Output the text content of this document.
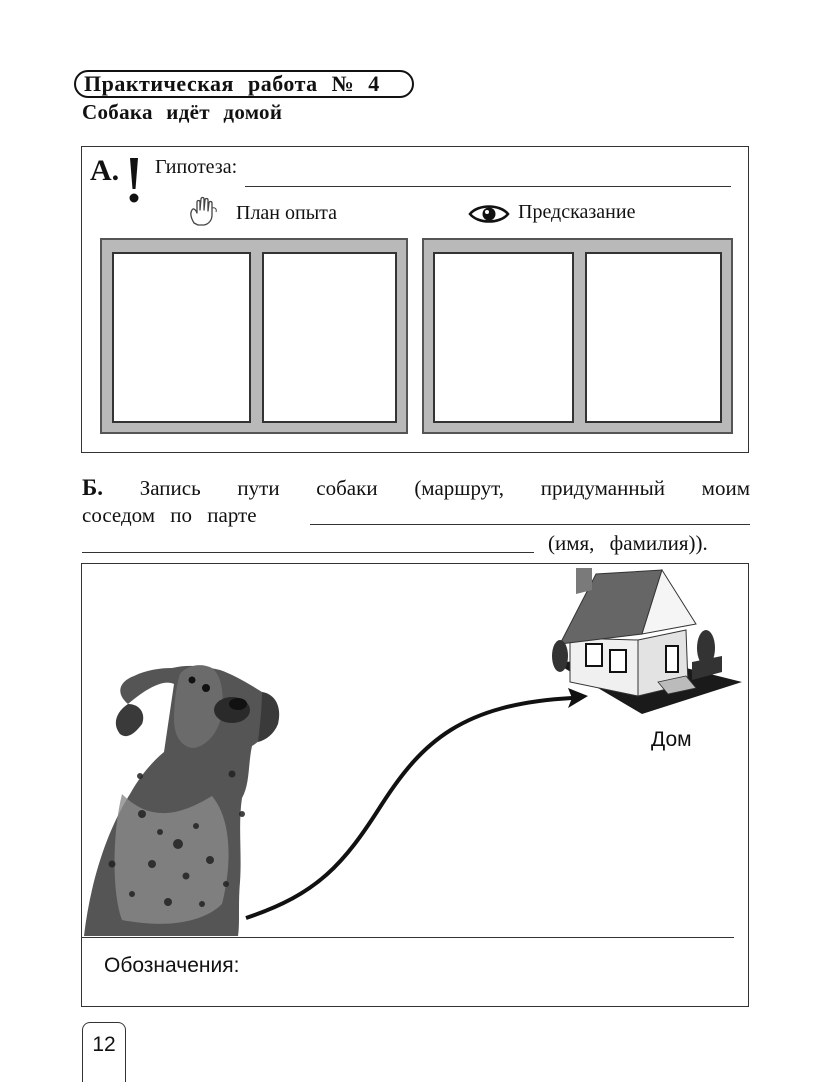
Практическая работа № 4
Собака идёт домой
А. Гипотеза:
План опыта	Предсказание
Б. Запись пути собаки (маршрут, придуманный моим
соседом по парте
(имя, фамилия)).
Дом
Обозначения:
12
